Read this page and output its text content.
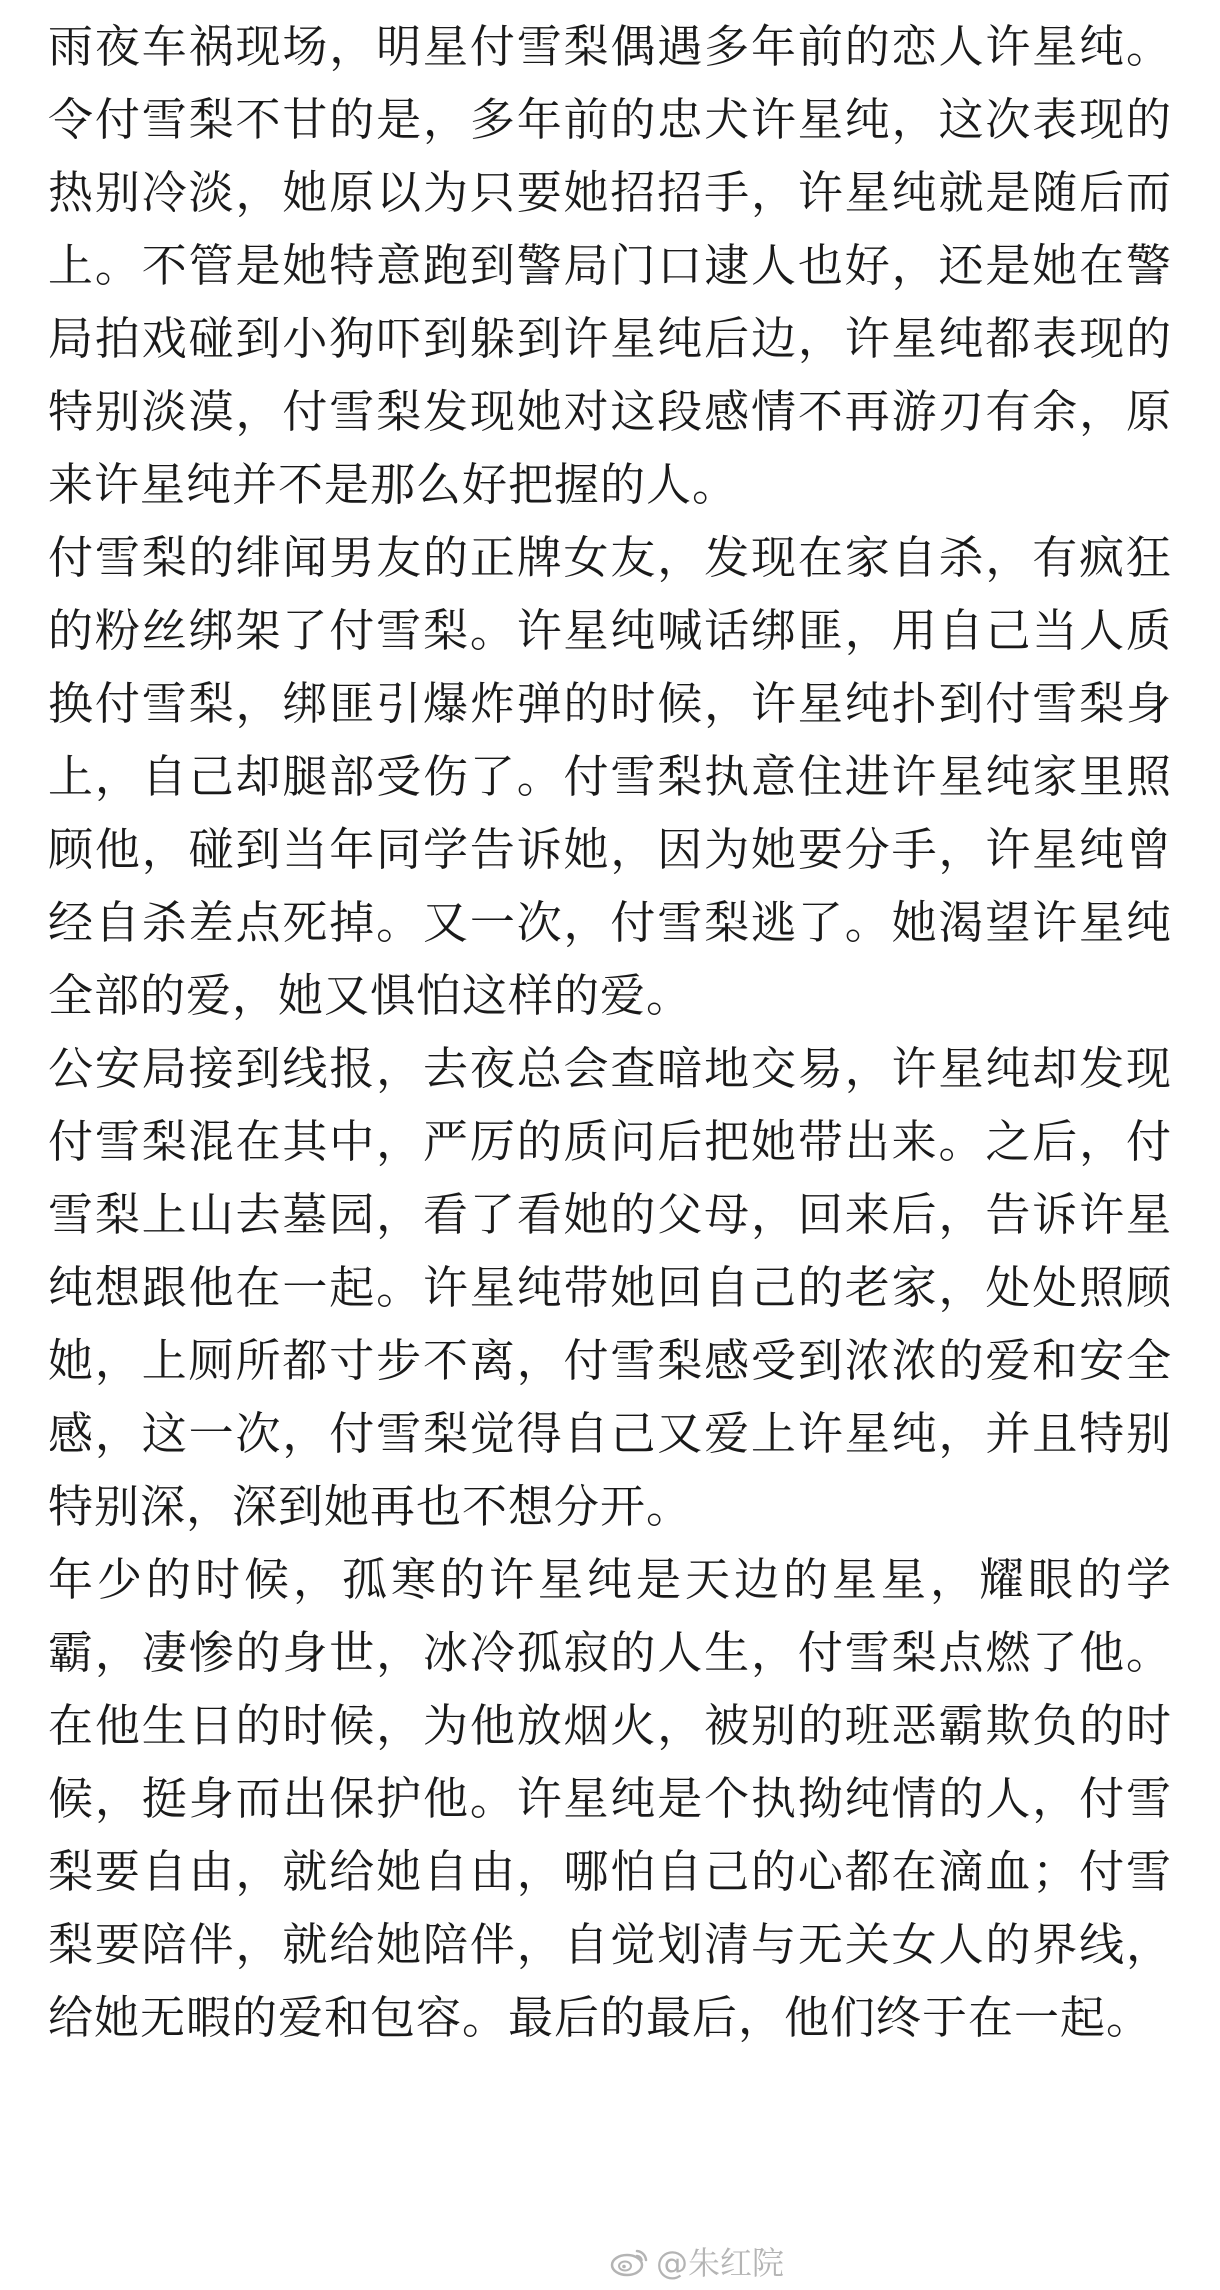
雨夜车祸现场，明星付雪梨偶遇多年前的恋人许星纯。令付雪梨不甘的是，多年前的忠犬许星纯，这次表现的热别冷淡，她原以为只要她招招手，许星纯就是随后而上。不管是她特意跑到警局门口逮人也好，还是她在警局拍戏碰到小狗吓到躲到许星纯后边，许星纯都表现的特别淡漠，付雪梨发现她对这段感情不再游刃有余，原来许星纯并不是那么好把握的人。

付雪梨的绯闻男友的正牌女友，发现在家自杀，有疯狂的粉丝绑架了付雪梨。许星纯喊话绑匪，用自己当人质换付雪梨，绑匪引爆炸弹的时候，许星纯扑到付雪梨身上，自己却腿部受伤了。付雪梨执意住进许星纯家里照顾他，碰到当年同学告诉她，因为她要分手，许星纯曾经自杀差点死掉。又一次，付雪梨逃了。她渴望许星纯全部的爱，她又惧怕这样的爱。

公安局接到线报，去夜总会查暗地交易，许星纯却发现付雪梨混在其中，严厉的质问后把她带出来。之后，付雪梨上山去墓园，看了看她的父母，回来后，告诉许星纯想跟他在一起。许星纯带她回自己的老家，处处照顾她，上厕所都寸步不离，付雪梨感受到浓浓的爱和安全感，这一次，付雪梨觉得自己又爱上许星纯，并且特别特别深，深到她再也不想分开。

年少的时候，孤寒的许星纯是天边的星星，耀眼的学霸，凄惨的身世，冰冷孤寂的人生，付雪梨点燃了他。在他生日的时候，为他放烟火，被别的班恶霸欺负的时候，挺身而出保护他。许星纯是个执拗纯情的人，付雪梨要自由，就给她自由，哪怕自己的心都在滴血；付雪梨要陪伴，就给她陪伴，自觉划清与无关女人的界线，给她无暇的爱和包容。最后的最后，他们终于在一起。

@朱红院
